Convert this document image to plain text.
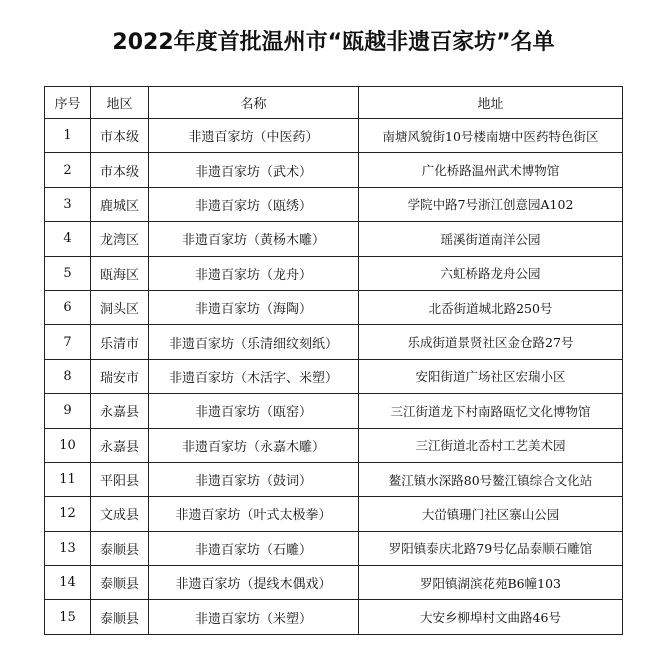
2022年度首批温州市“瓯越非遗百家坊”名单
序号	地区	名称	地址
1	市本级	非遗百家坊（中医药）	南塘风貌街10号楼南塘中医药特色街区
2	市本级	非遗百家坊（武术）	广化桥路温州武术博物馆
3	鹿城区	非遗百家坊（瓯绣）	学院中路7号浙江创意园A102
4	龙湾区	非遗百家坊（黄杨木雕）	瑶溪街道南洋公园
5	瓯海区	非遗百家坊（龙舟）	六虹桥路龙舟公园
6	洞头区	非遗百家坊（海陶）	北岙街道城北路250号
7	乐清市	非遗百家坊（乐清细纹刻纸）	乐成街道景贤社区金仓路27号
8	瑞安市	非遗百家坊（木活字、米塑）	安阳街道广场社区宏瑞小区
9	永嘉县	非遗百家坊（瓯窑）	三江街道龙下村南路瓯忆文化博物馆
10	永嘉县	非遗百家坊（永嘉木雕）	三江街道北岙村工艺美术园
11	平阳县	非遗百家坊（鼓词）	鳌江镇水深路80号鳌江镇综合文化站
12	文成县	非遗百家坊（叶式太极拳）	大峃镇珊门社区寨山公园
13	泰顺县	非遗百家坊（石雕）	罗阳镇泰庆北路79号亿品泰顺石雕馆
14	泰顺县	非遗百家坊（提线木偶戏）	罗阳镇湖滨花苑B6幢103
15	泰顺县	非遗百家坊（米塑）	大安乡柳埠村文曲路46号
